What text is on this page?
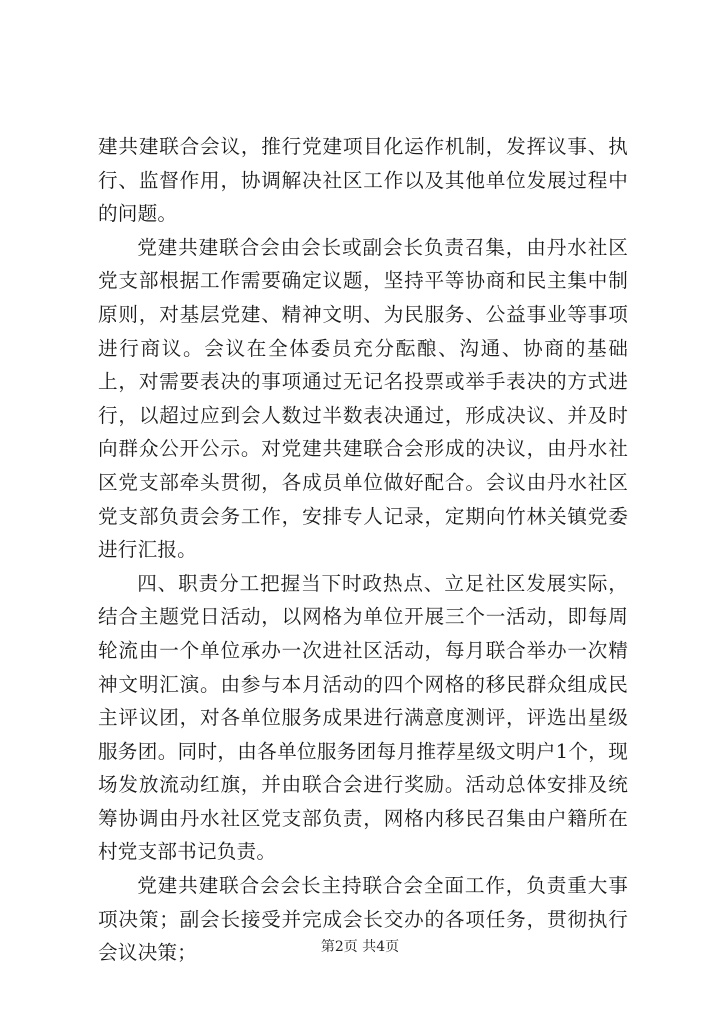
建共建联合会议，推行党建项目化运作机制，发挥议事、执行、监督作用，协调解决社区工作以及其他单位发展过程中的问题。

党建共建联合会由会长或副会长负责召集，由丹水社区党支部根据工作需要确定议题，坚持平等协商和民主集中制原则，对基层党建、精神文明、为民服务、公益事业等事项进行商议。会议在全体委员充分酝酿、沟通、协商的基础上，对需要表决的事项通过无记名投票或举手表决的方式进行，以超过应到会人数过半数表决通过，形成决议、并及时向群众公开公示。对党建共建联合会形成的决议，由丹水社区党支部牵头贯彻，各成员单位做好配合。会议由丹水社区党支部负责会务工作，安排专人记录，定期向竹林关镇党委进行汇报。

四、职责分工把握当下时政热点、立足社区发展实际，结合主题党日活动，以网格为单位开展三个一活动，即每周轮流由一个单位承办一次进社区活动，每月联合举办一次精神文明汇演。由参与本月活动的四个网格的移民群众组成民主评议团，对各单位服务成果进行满意度测评，评选出星级服务团。同时，由各单位服务团每月推荐星级文明户1个，现场发放流动红旗，并由联合会进行奖励。活动总体安排及统筹协调由丹水社区党支部负责，网格内移民召集由户籍所在村党支部书记负责。

党建共建联合会会长主持联合会全面工作，负责重大事项决策；副会长接受并完成会长交办的各项任务，贯彻执行会议决策；	第2页 共4页
